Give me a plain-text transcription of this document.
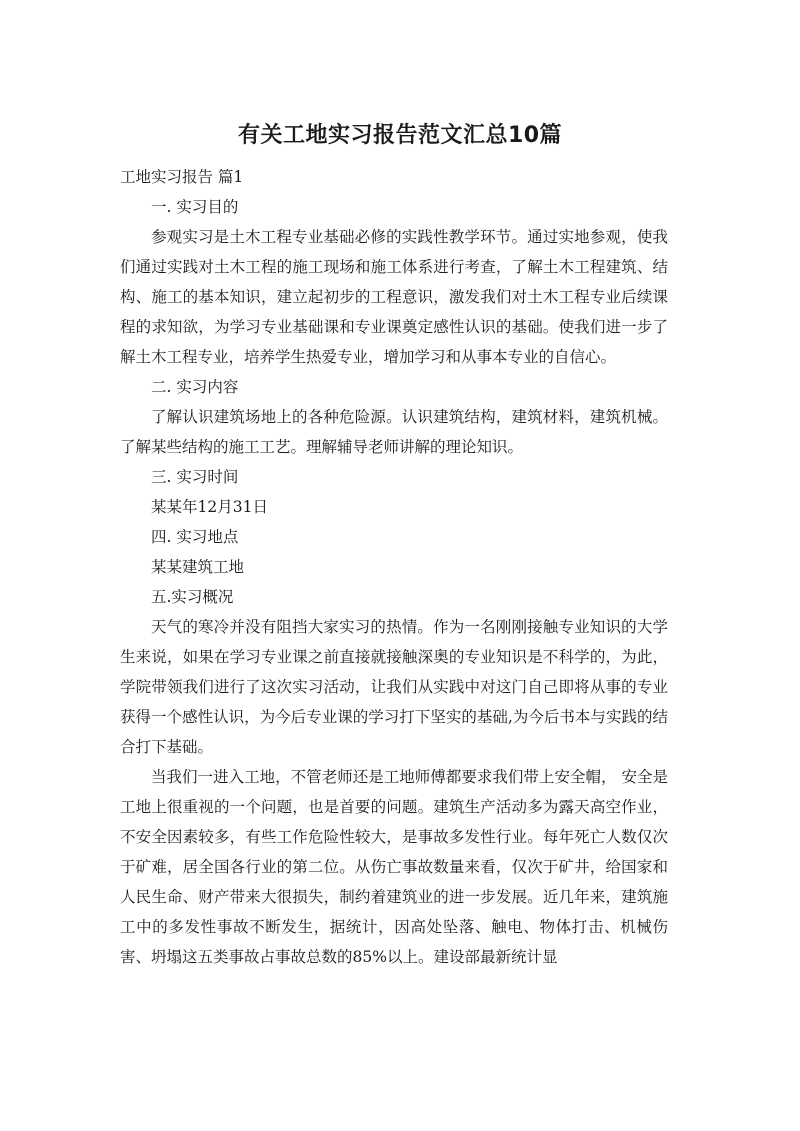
有关工地实习报告范文汇总10篇

工地实习报告 篇1

一. 实习目的

参观实习是土木工程专业基础必修的实践性教学环节。通过实地参观，使我们通过实践对土木工程的施工现场和施工体系进行考查，了解土木工程建筑、结构、施工的基本知识，建立起初步的工程意识，激发我们对土木工程专业后续课程的求知欲，为学习专业基础课和专业课奠定感性认识的基础。使我们进一步了解土木工程专业，培养学生热爱专业，增加学习和从事本专业的自信心。

二. 实习内容

了解认识建筑场地上的各种危险源。认识建筑结构，建筑材料，建筑机械。了解某些结构的施工工艺。理解辅导老师讲解的理论知识。

三. 实习时间

某某年12月31日

四. 实习地点

某某建筑工地

五.实习概况

天气的寒冷并没有阻挡大家实习的热情。作为一名刚刚接触专业知识的大学生来说，如果在学习专业课之前直接就接触深奥的专业知识是不科学的，为此，学院带领我们进行了这次实习活动，让我们从实践中对这门自己即将从事的专业获得一个感性认识，为今后专业课的学习打下坚实的基础,为今后书本与实践的结合打下基础。

当我们一进入工地，不管老师还是工地师傅都要求我们带上安全帽， 安全是工地上很重视的一个问题，也是首要的问题。建筑生产活动多为露天高空作业，不安全因素较多，有些工作危险性较大，是事故多发性行业。每年死亡人数仅次于矿难，居全国各行业的第二位。从伤亡事故数量来看，仅次于矿井，给国家和人民生命、财产带来大很损失，制约着建筑业的进一步发展。近几年来，建筑施工中的多发性事故不断发生，据统计，因高处坠落、触电、物体打击、机械伤害、坍塌这五类事故占事故总数的85%以上。建设部最新统计显
